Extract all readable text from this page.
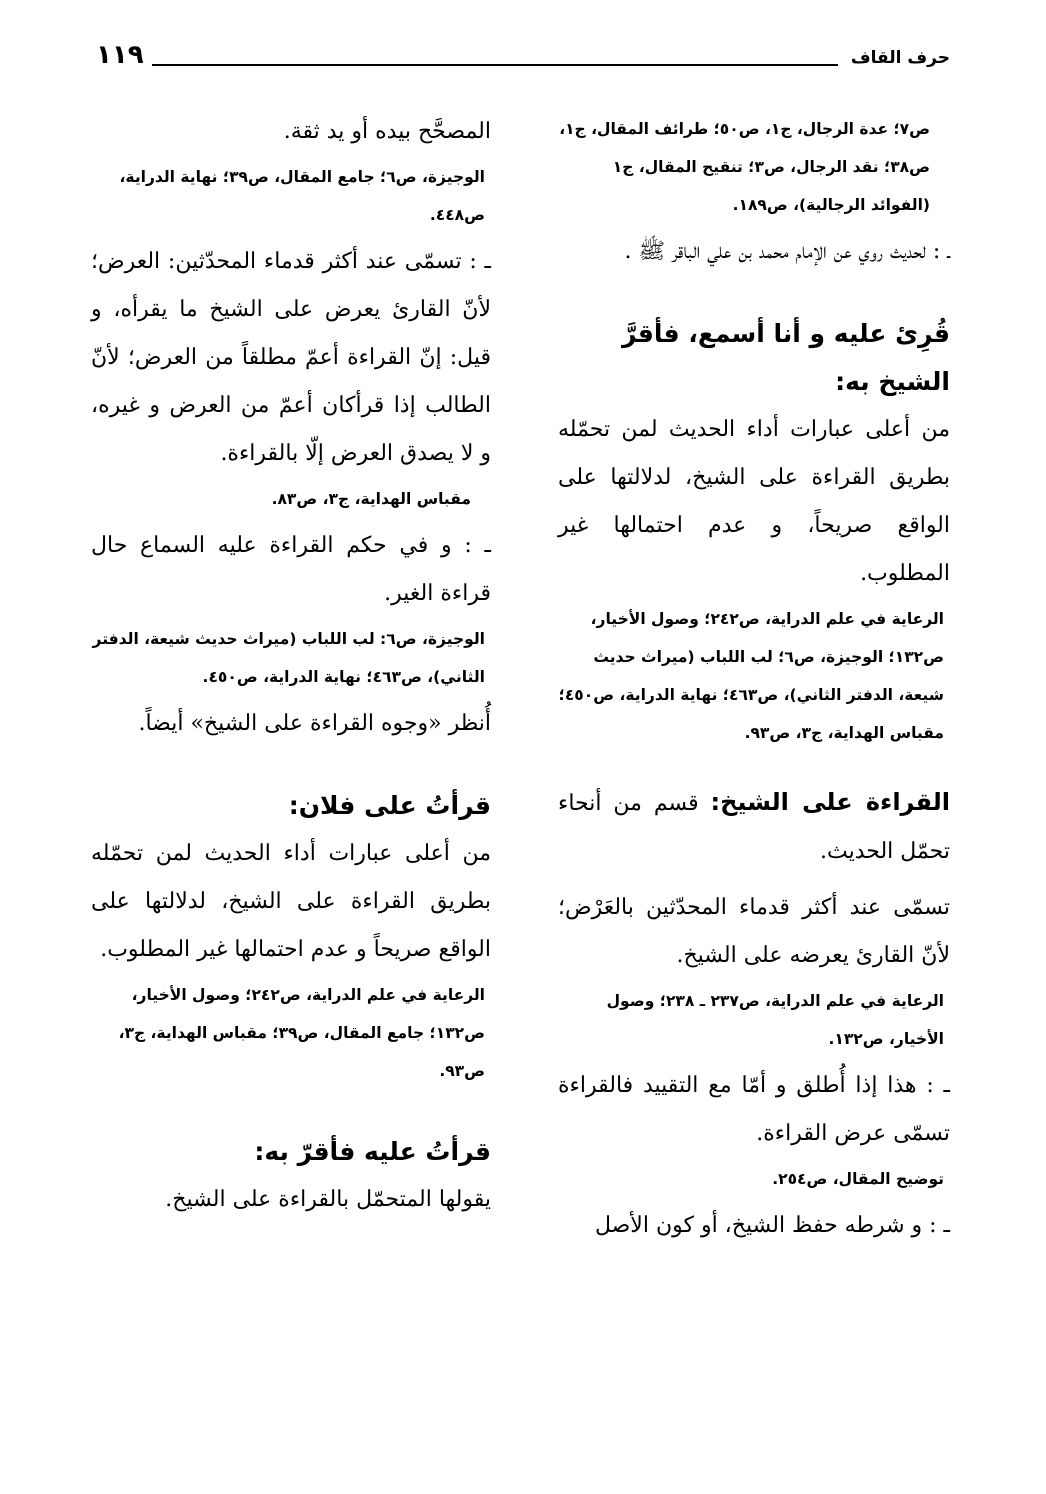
١١٩	حرف القاف

ص٧؛ عدة الرجال، ج١، ص٥٠؛ طرائف المقال، ج١، ص٣٨؛ نقد الرجال، ص٣؛ تنقيح المقال، ج١ (الفوائد الرجالية)، ص١٨٩.

ـ : لحديث روي عن الإمام محمد بن علي الباقر ﷺ .

قُرِئ عليه و أنا أسمع، فأقرَّ الشيخ به:

من أعلى عبارات أداء الحديث لمن تحمّله بطريق القراءة على الشيخ، لدلالتها على الواقع صريحاً، و عدم احتمالها غير المطلوب.

الرعاية في علم الدراية، ص٢٤٢؛ وصول الأخيار، ص١٣٢؛ الوجيزة، ص٦؛ لب اللباب (ميراث حديث شيعة، الدفتر الثاني)، ص٤٦٣؛ نهاية الدراية، ص٤٥٠؛ مقباس الهداية، ج٣، ص٩٣.

القراءة على الشيخ: قسم من أنحاء تحمّل الحديث.

تسمّى عند أكثر قدماء المحدّثين بالعَرْض؛ لأنّ القارئ يعرضه على الشيخ.

الرعاية في علم الدراية، ص٢٣٧ ـ ٢٣٨؛ وصول الأخيار، ص١٣٢.

ـ : هذا إذا أُطلق و أمّا مع التقييد فالقراءة تسمّى عرض القراءة.

توضيح المقال، ص٢٥٤.

ـ : و شرطه حفظ الشيخ، أو كون الأصل

المصحَّح بيده أو يد ثقة.

الوجيزة، ص٦؛ جامع المقال، ص٣٩؛ نهاية الدراية، ص٤٤٨.

ـ : تسمّى عند أكثر قدماء المحدّثين: العرض؛ لأنّ القارئ يعرض على الشيخ ما يقرأه، و قيل: إنّ القراءة أعمّ مطلقاً من العرض؛ لأنّ الطالب إذا قرأكان أعمّ من العرض و غيره، و لا يصدق العرض إلّا بالقراءة.

مقباس الهداية، ج٣، ص٨٣.

ـ : و في حكم القراءة عليه السماع حال قراءة الغير.

الوجيزة، ص٦: لب اللباب (ميراث حديث شيعة، الدفتر الثاني)، ص٤٦٣؛ نهاية الدراية، ص٤٥٠.

أُنظر «وجوه القراءة على الشيخ» أيضاً.

قرأتُ على فلان:

من أعلى عبارات أداء الحديث لمن تحمّله بطريق القراءة على الشيخ، لدلالتها على الواقع صريحاً و عدم احتمالها غير المطلوب.

الرعاية في علم الدراية، ص٢٤٢؛ وصول الأخيار، ص١٣٢؛ جامع المقال، ص٣٩؛ مقباس الهداية، ج٣، ص٩٣.

قرأتُ عليه فأقرّ به:

يقولها المتحمّل بالقراءة على الشيخ.
